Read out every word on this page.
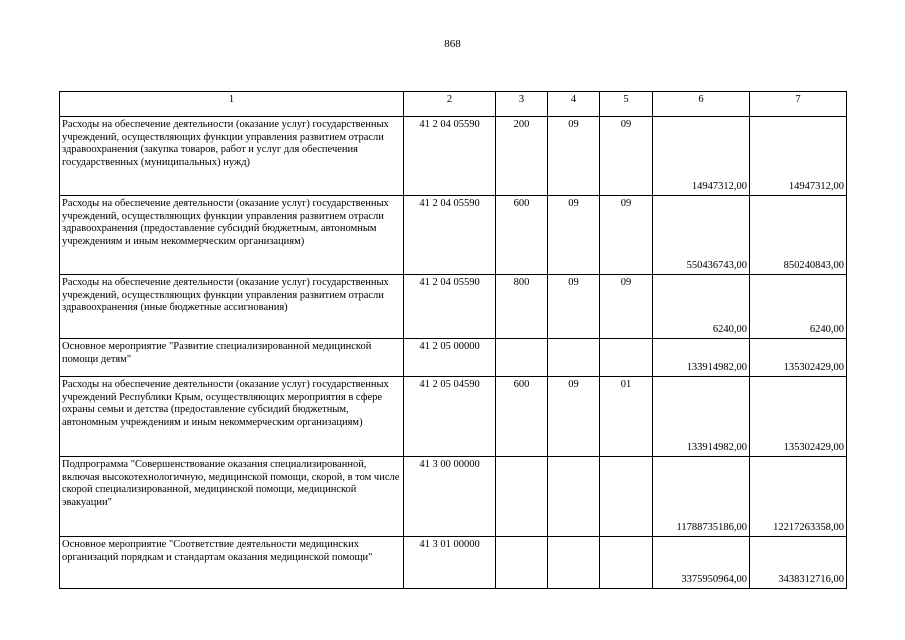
868
1	2	3	4	5	6	7
Расходы на обеспечение деятельности (оказание услуг) государственных учреждений, осуществляющих функции управления развитием отрасли здравоохранения (закупка товаров, работ и услуг для обеспечения государственных (муниципальных) нужд)	41 2 04 05590	200	09	09	14947312,00	14947312,00
Расходы на обеспечение деятельности (оказание услуг) государственных учреждений, осуществляющих функции управления развитием отрасли здравоохранения (предоставление субсидий бюджетным, автономным учреждениям и иным некоммерческим организациям)	41 2 04 05590	600	09	09	550436743,00	850240843,00
Расходы на обеспечение деятельности (оказание услуг) государственных учреждений, осуществляющих функции управления развитием отрасли здравоохранения (иные бюджетные ассигнования)	41 2 04 05590	800	09	09	6240,00	6240,00
Основное мероприятие "Развитие специализированной медицинской помощи детям"	41 2 05 00000				133914982,00	135302429,00
Расходы на обеспечение деятельности (оказание услуг) государственных учреждений Республики Крым, осуществляющих мероприятия в сфере охраны семьи и детства (предоставление субсидий бюджетным, автономным учреждениям и иным некоммерческим организациям)	41 2 05 04590	600	09	01	133914982,00	135302429,00
Подпрограмма "Совершенствование оказания специализированной, включая высокотехнологичную, медицинской помощи, скорой, в том числе скорой специализированной, медицинской помощи, медицинской эвакуации"	41 3 00 00000				11788735186,00	12217263358,00
Основное мероприятие "Соответствие деятельности медицинских организаций порядкам и стандартам оказания медицинской помощи"	41 3 01 00000				3375950964,00	3438312716,00
